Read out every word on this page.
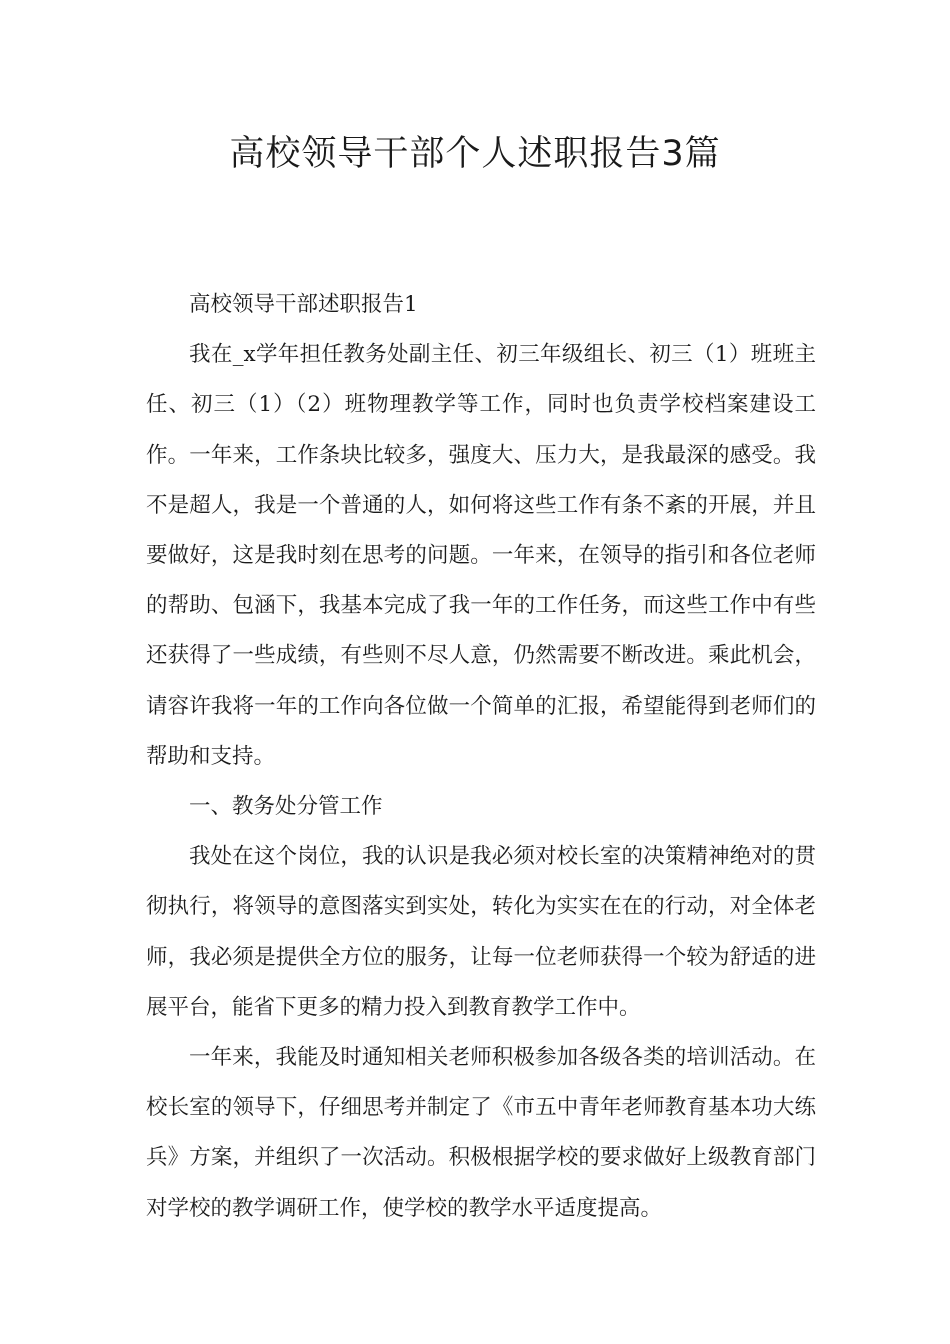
高校领导干部个人述职报告3篇

高校领导干部述职报告1

我在_x学年担任教务处副主任、初三年级组长、初三（1）班班主任、初三（1）（2）班物理教学等工作，同时也负责学校档案建设工作。一年来，工作条块比较多，强度大、压力大，是我最深的感受。我不是超人，我是一个普通的人，如何将这些工作有条不紊的开展，并且要做好，这是我时刻在思考的问题。一年来，在领导的指引和各位老师的帮助、包涵下，我基本完成了我一年的工作任务，而这些工作中有些还获得了一些成绩，有些则不尽人意，仍然需要不断改进。乘此机会，请容许我将一年的工作向各位做一个简单的汇报，希望能得到老师们的帮助和支持。

一、教务处分管工作

我处在这个岗位，我的认识是我必须对校长室的决策精神绝对的贯彻执行，将领导的意图落实到实处，转化为实实在在的行动，对全体老师，我必须是提供全方位的服务，让每一位老师获得一个较为舒适的进展平台，能省下更多的精力投入到教育教学工作中。

一年来，我能及时通知相关老师积极参加各级各类的培训活动。在校长室的领导下，仔细思考并制定了《市五中青年老师教育基本功大练兵》方案，并组织了一次活动。积极根据学校的要求做好上级教育部门对学校的教学调研工作，使学校的教学水平适度提高。
